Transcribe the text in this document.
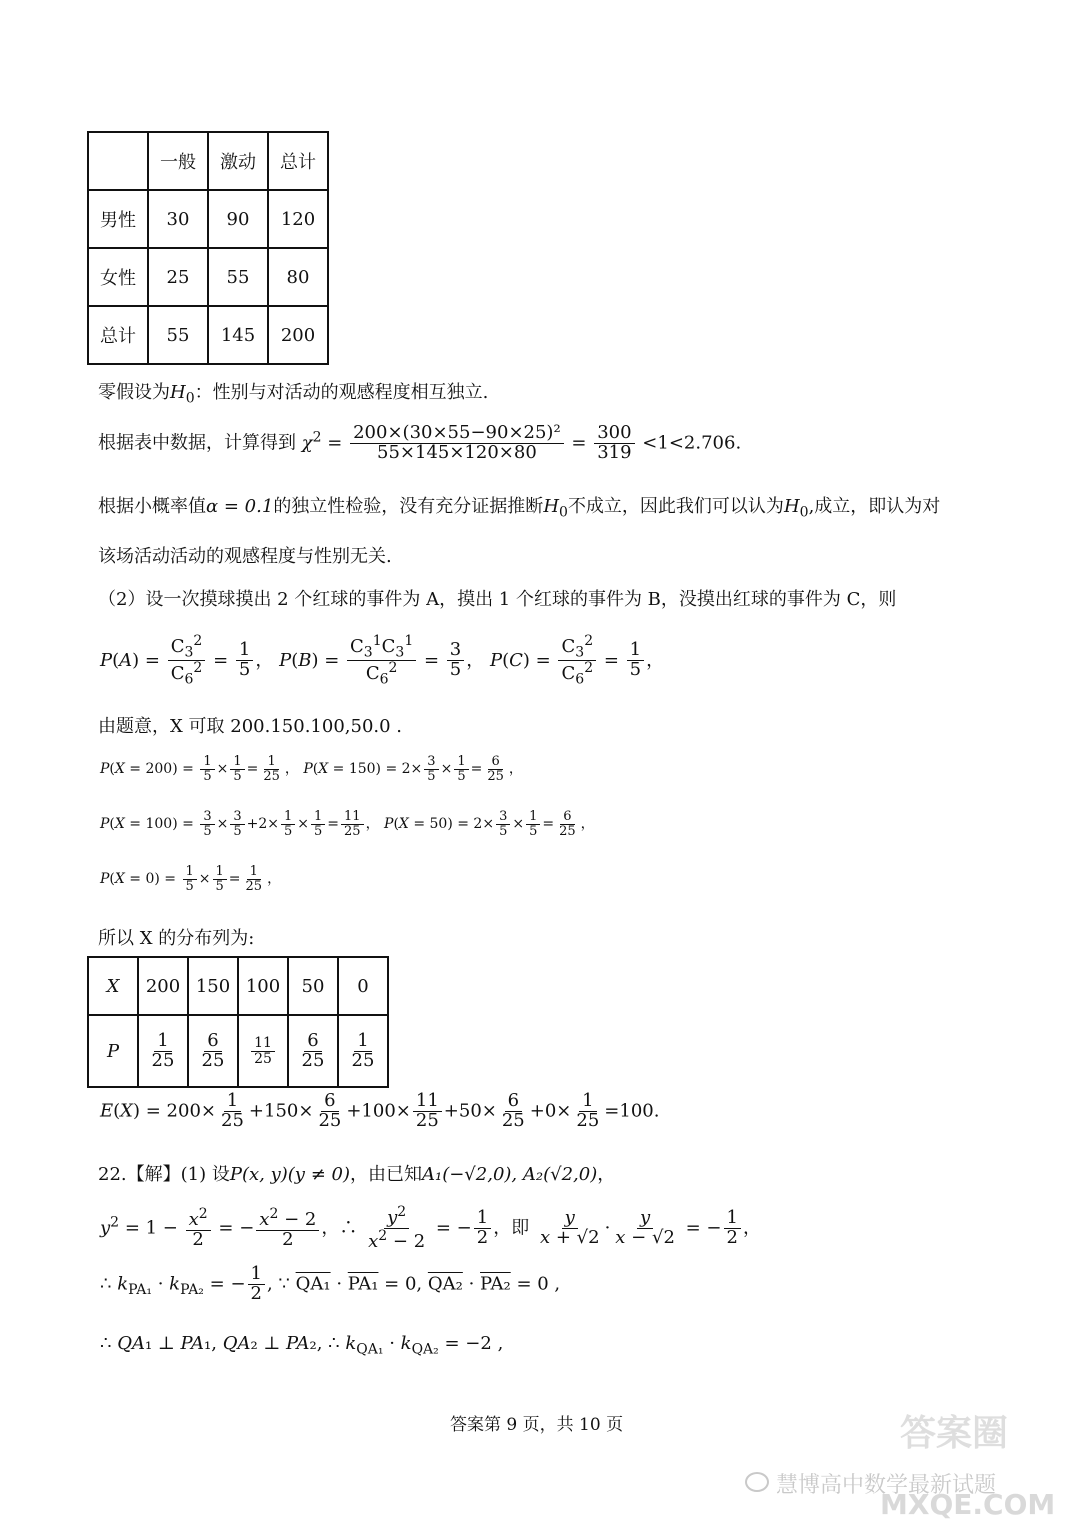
	一般	激动	总计
男性	30	90	120
女性	25	55	80
总计	55	145	200
零假设为$H_0$：性别与对活动的观感程度相互独立.
根据表中数据，计算得到 $\chi^2 = \frac{\text{200×(30×55−90×25)²}}{55\times 145\times 120\times 80} = \frac{300}{319} <1<2.706$.
根据小概率值α = 0.1的独立性检验，没有充分证据推断$H_0$不成立，因此我们可以认为$H_0$,成立，即认为对
该场活动活动的观感程度与性别无关.
（2）设一次摸球摸出 2 个红球的事件为 A，摸出 1 个红球的事件为 B，没摸出红球的事件为 C，则
$P(A) = \frac{C_3^2}{C_6^2} = \frac{1}{5}$ ， $P(B) = \frac{C_3^1C_3^1}{C_6^2} = \frac{3}{5}$ ， $P(C) = \frac{C_3^2}{C_6^2} = \frac{1}{5}$ ，
由题意，X 可取 200.150.100,50.0 .
$P(X = 200) = \frac{1}{5} \times \frac{1}{5} = \frac{1}{25}$ ， $P(X = 150) = 2\times \frac{3}{5} \times \frac{1}{5} = \frac{6}{25}$ ，
$P(X = 100) = \frac{3}{5} \times \frac{3}{5} +2\times \frac{1}{5} \times \frac{1}{5} = \frac{11}{25}$ ， $P(X = 50) = 2\times \frac{3}{5} \times \frac{1}{5} = \frac{6}{25}$ ，
$P(X = 0) = \frac{1}{5} \times \frac{1}{5} = \frac{1}{25}$ ，
所以 X 的分布列为:
X	200	150	100	50	0
P	$\frac{1}{25}$	$\frac{6}{25}$	$\frac{11}{25}$	$\frac{6}{25}$	$\frac{1}{25}$
$E(X) = 200\times \frac{1}{25} +150\times \frac{6}{25} +100\times \frac{11}{25} +50\times \frac{6}{25} +0\times \frac{1}{25} =100$.
22.【解】(1) 设P(x, y)(y ≠ 0)，由已知A₁(−√2,0), A₂(√2,0)，
$y^2 = 1 - \frac{x^2}{2}$ = − $\frac{x^2 - 2}{2}$ ，∴ $\frac{y^2}{x^2 - 2}$ = − $\frac{1}{2}$ ，即 $\frac{y}{x + √2} \cdot \frac{y}{x - √2}$ = − $\frac{1}{2}$ ，
∴ $k_{PA_1} \cdot k_{PA_2}$ = − $\frac{1}{2}$ , ∵ QA₁ · PA₁ = 0, QA₂ · PA₂ = 0 ,
∴ QA₁ ⊥ PA₁, QA₂ ⊥ PA₂, ∴ $k_{QA_1} \cdot k_{QA_2} = -2$ ,
答案第 9 页，共 10 页
慧博高中数学最新试题
答案圈
MXQE.COM
